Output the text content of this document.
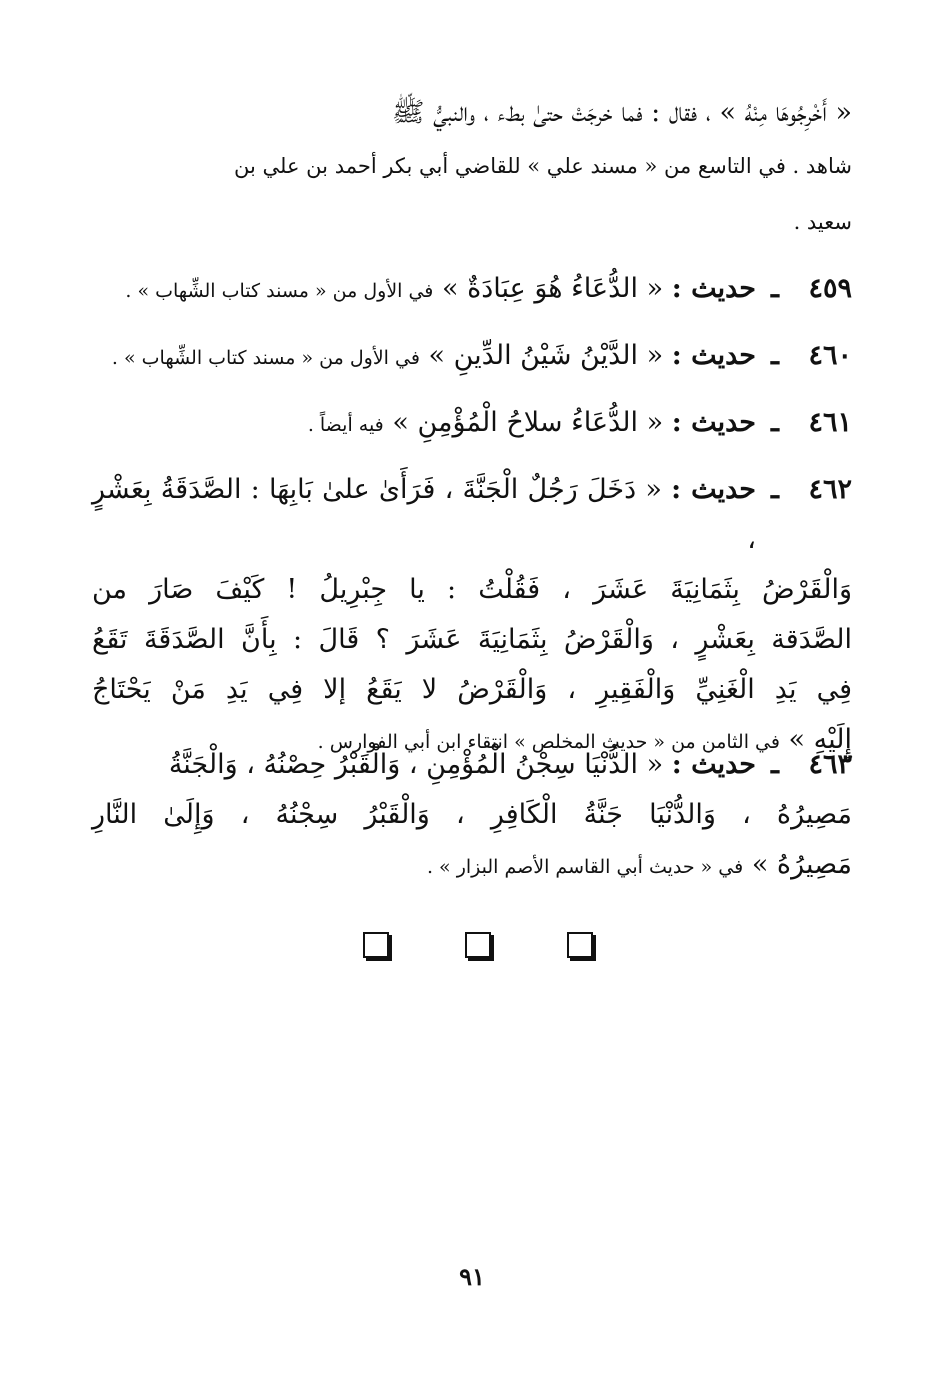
« أَخْرِجُوهَا مِنْهُ » ، فقال : فما خرجَتْ حتىٰ بطء ، والنبيُّ ﷺ
شاهد . في التاسع من « مسند علي » للقاضي أبي بكر أحمد بن علي بن
سعيد .
٤٥٩
ـ
حديث : « الدُّعَاءُ هُوَ عِبَادَةٌ » في الأول من « مسند كتاب الشِّهاب » .
٤٦٠
ـ
حديث : « الدَّيْنُ شَيْنُ الدِّينِ » في الأول من « مسند كتاب الشِّهاب » .
٤٦١
ـ
حديث : « الدُّعَاءُ سلاحُ الْمُؤْمِنِ » فيه أيضاً .
٤٦٢
ـ
حديث : « دَخَلَ رَجُلٌ الْجَنَّةَ ، فَرَأَىٰ علىٰ بَابِهَا : الصَّدَقَةُ بِعَشْرٍ ،
وَالْقَرْضُ بِثَمَانِيَةَ عَشَرَ ، فَقُلْتُ : يا جِبْرِيلُ ! كَيْفَ صَارَ من
الصَّدَقة بِعَشْرٍ ، وَالْقَرْضُ بِثَمَانِيَةَ عَشَرَ ؟ قَالَ : بِأَنَّ الصَّدَقَةَ تَقَعُ
فِي يَدِ الْغَنِيِّ وَالْفَقِيرِ ، وَالْقَرْضُ لا يَقَعُ إلا فِي يَدِ مَنْ يَحْتَاجُ
إِلَيْهِ » في الثامن من « حديث المخلص » انتقاء ابن أبي الفوارس .
٤٦٣
ـ
حديث : « الدُّنْيَا سِجْنُ الْمُؤْمِنِ ، وَالْقَبْرُ حِصْنُهُ ، وَالْجَنَّةُ
مَصِيرُهُ ، وَالدُّنْيَا جَنَّةُ الْكَافِرِ ، وَالْقَبْرُ سِجْنُهُ ، وَإِلَىٰ النَّارِ
مَصِيرُهُ » في « حديث أبي القاسم الأصم البزار » .
٩١
